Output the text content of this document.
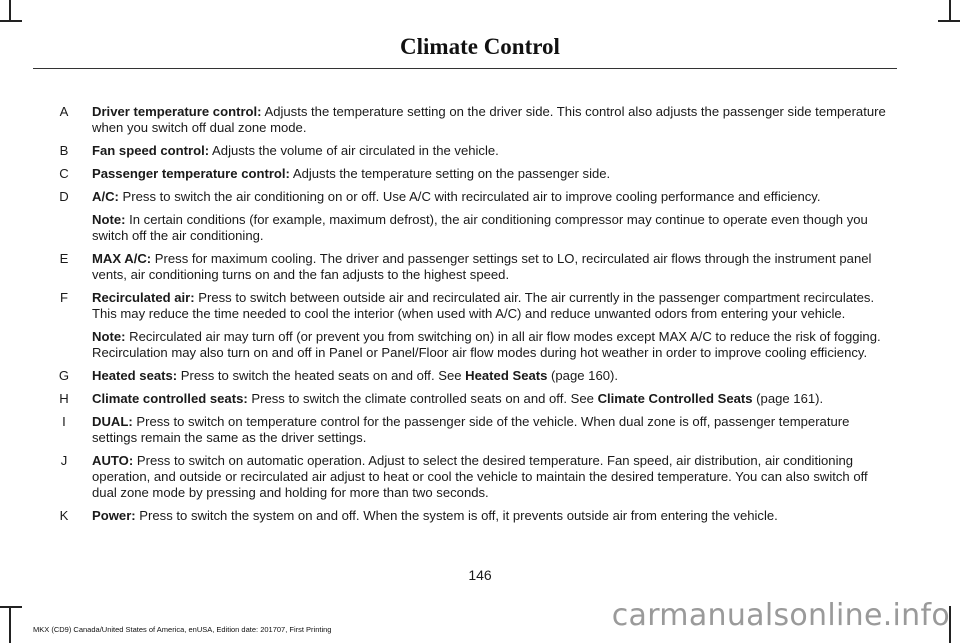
Climate Control
A Driver temperature control: Adjusts the temperature setting on the driver side. This control also adjusts the passenger side temperature when you switch off dual zone mode.
B Fan speed control: Adjusts the volume of air circulated in the vehicle.
C Passenger temperature control: Adjusts the temperature setting on the passenger side.
D A/C: Press to switch the air conditioning on or off. Use A/C with recirculated air to improve cooling performance and efficiency.
Note: In certain conditions (for example, maximum defrost), the air conditioning compressor may continue to operate even though you switch off the air conditioning.
E MAX A/C: Press for maximum cooling. The driver and passenger settings set to LO, recirculated air flows through the instrument panel vents, air conditioning turns on and the fan adjusts to the highest speed.
F Recirculated air: Press to switch between outside air and recirculated air. The air currently in the passenger compartment recirculates. This may reduce the time needed to cool the interior (when used with A/C) and reduce unwanted odors from entering your vehicle.
Note: Recirculated air may turn off (or prevent you from switching on) in all air flow modes except MAX A/C to reduce the risk of fogging. Recirculation may also turn on and off in Panel or Panel/Floor air flow modes during hot weather in order to improve cooling efficiency.
G Heated seats: Press to switch the heated seats on and off. See Heated Seats (page 160).
H Climate controlled seats: Press to switch the climate controlled seats on and off. See Climate Controlled Seats (page 161).
I	DUAL: Press to switch on temperature control for the passenger side of the vehicle. When dual zone is off, passenger temperature settings remain the same as the driver settings.
J AUTO: Press to switch on automatic operation. Adjust to select the desired temperature. Fan speed, air distribution, air conditioning operation, and outside or recirculated air adjust to heat or cool the vehicle to maintain the desired temperature. You can also switch off dual zone mode by pressing and holding for more than two seconds.
K Power: Press to switch the system on and off. When the system is off, it prevents outside air from entering the vehicle.
146
MKX (CD9) Canada/United States of America, enUSA, Edition date: 201707, First Printing	carmanualsonline.info
